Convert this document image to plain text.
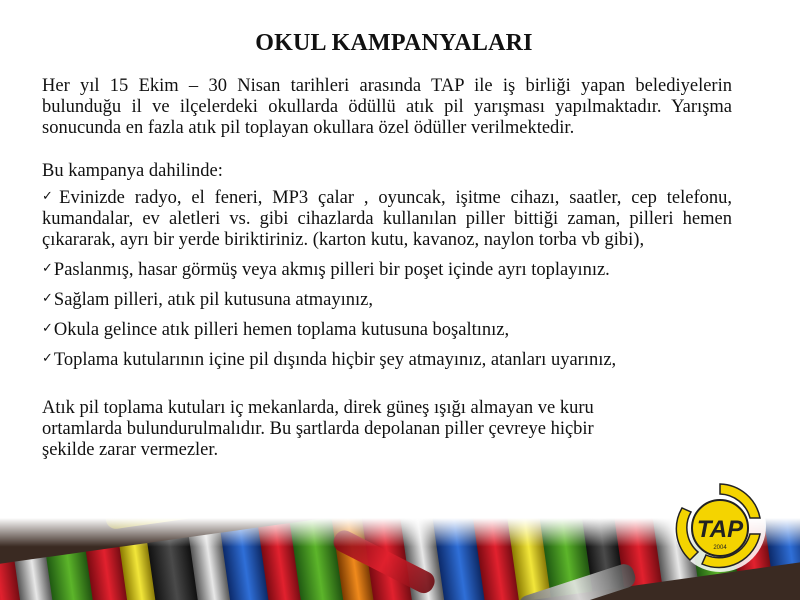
OKUL KAMPANYALARI

Her yıl 15 Ekim – 30 Nisan tarihleri arasında TAP ile iş birliği yapan belediyelerin bulunduğu il ve ilçelerdeki okullarda ödüllü atık pil yarışması yapılmaktadır. Yarışma sonucunda en fazla atık pil toplayan okullara özel ödüller verilmektedir.

Bu kampanya dahilinde:

✓Evinizde radyo, el feneri, MP3 çalar , oyuncak, işitme cihazı, saatler, cep telefonu, kumandalar, ev aletleri vs. gibi cihazlarda kullanılan piller bittiği zaman, pilleri hemen çıkararak, ayrı bir yerde biriktiriniz. (karton kutu, kavanoz, naylon torba vb gibi),
✓Paslanmış, hasar görmüş veya akmış pilleri bir poşet içinde ayrı toplayınız.
✓Sağlam pilleri, atık pil kutusuna atmayınız,
✓Okula gelince atık pilleri hemen toplama kutusuna boşaltınız,
✓Toplama kutularının içine pil dışında hiçbir şey atmayınız, atanları uyarınız,

Atık pil toplama kutuları iç mekanlarda, direk güneş ışığı almayan ve kuru
ortamlarda bulundurulmalıdır. Bu şartlarda depolanan piller çevreye hiçbir
şekilde zarar vermezler.

TAP
2004
